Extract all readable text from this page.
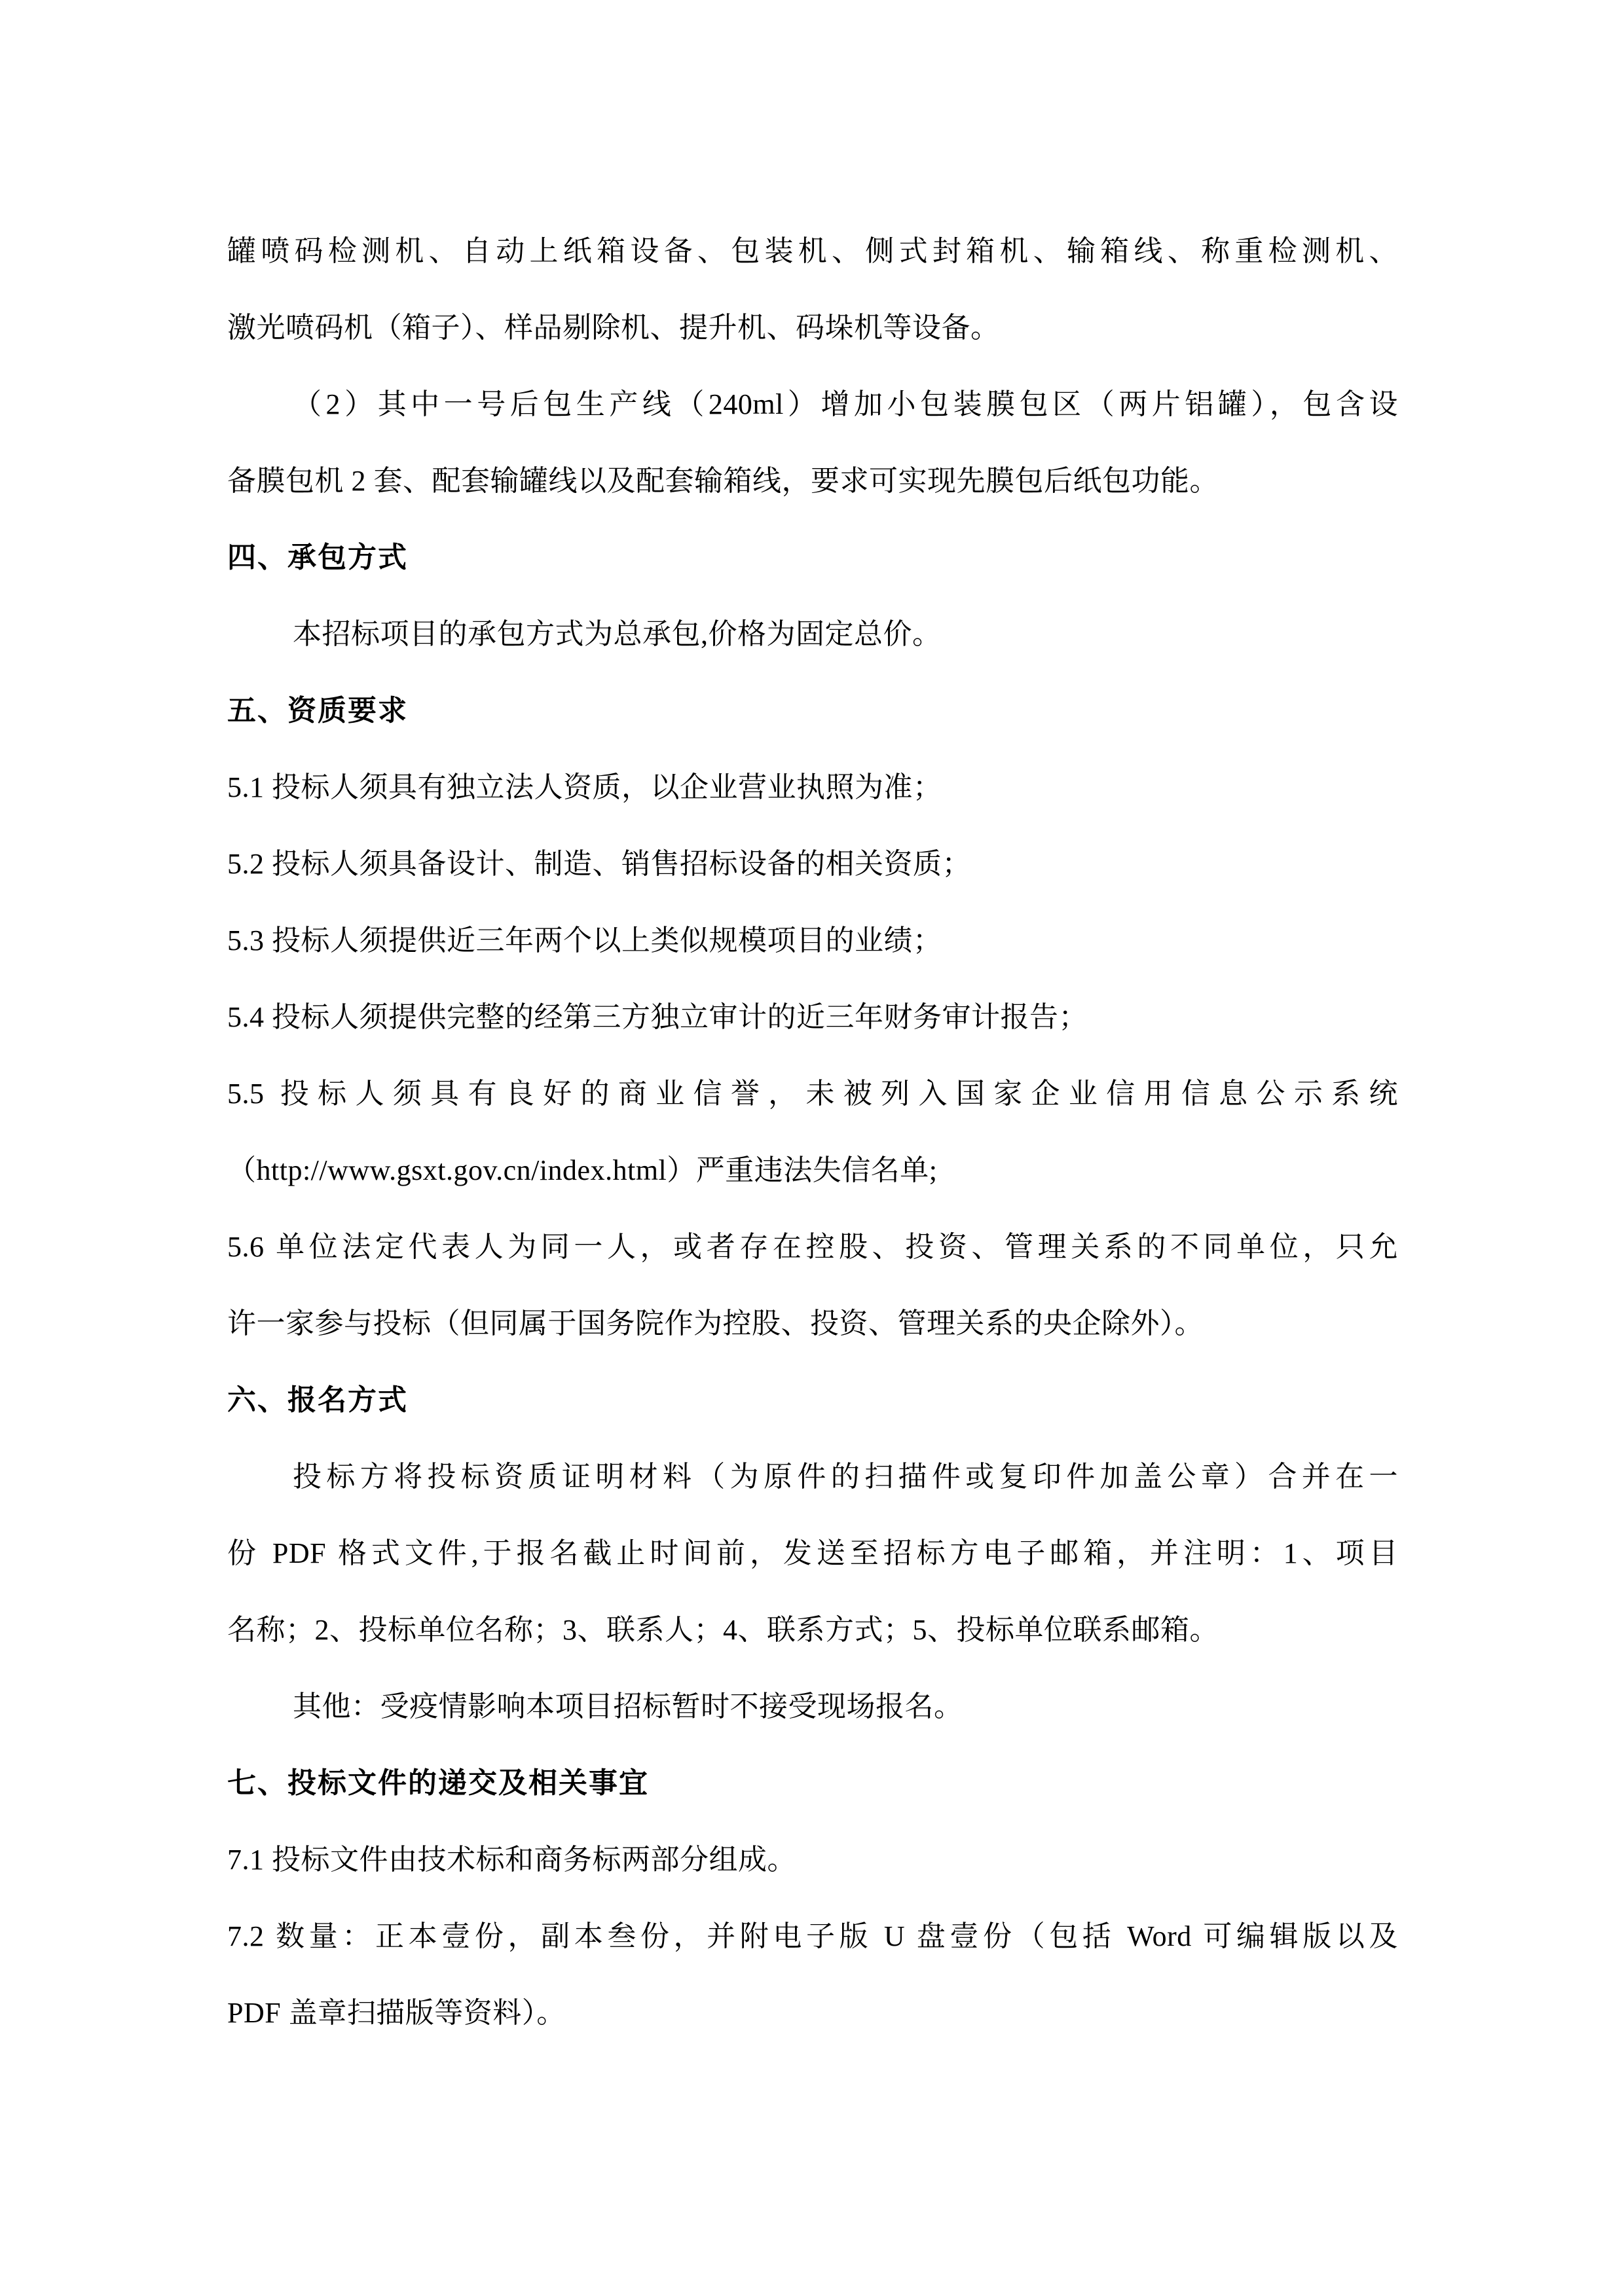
罐喷码检测机、自动上纸箱设备、包装机、侧式封箱机、输箱线、称重检测机、
激光喷码机（箱子）、样品剔除机、提升机、码垛机等设备。
（2）其中一号后包生产线（240ml）增加小包装膜包区（两片铝罐），包含设
备膜包机 2 套、配套输罐线以及配套输箱线，要求可实现先膜包后纸包功能。
四、承包方式
本招标项目的承包方式为总承包,价格为固定总价。
五、资质要求
5.1 投标人须具有独立法人资质，以企业营业执照为准；
5.2 投标人须具备设计、制造、销售招标设备的相关资质；
5.3 投标人须提供近三年两个以上类似规模项目的业绩；
5.4 投标人须提供完整的经第三方独立审计的近三年财务审计报告；
5.5 投标人须具有良好的商业信誉，未被列入国家企业信用信息公示系统
（http://www.gsxt.gov.cn/index.html）严重违法失信名单;
5.6 单位法定代表人为同一人，或者存在控股、投资、管理关系的不同单位，只允
许一家参与投标（但同属于国务院作为控股、投资、管理关系的央企除外）。
六、报名方式
投标方将投标资质证明材料（为原件的扫描件或复印件加盖公章）合并在一
份 PDF 格式文件,于报名截止时间前，发送至招标方电子邮箱，并注明：1、项目
名称；2、投标单位名称；3、联系人；4、联系方式；5、投标单位联系邮箱。
其他：受疫情影响本项目招标暂时不接受现场报名。
七、投标文件的递交及相关事宜
7.1 投标文件由技术标和商务标两部分组成。
7.2 数量：正本壹份，副本叁份，并附电子版 U 盘壹份（包括 Word 可编辑版以及
PDF 盖章扫描版等资料）。
